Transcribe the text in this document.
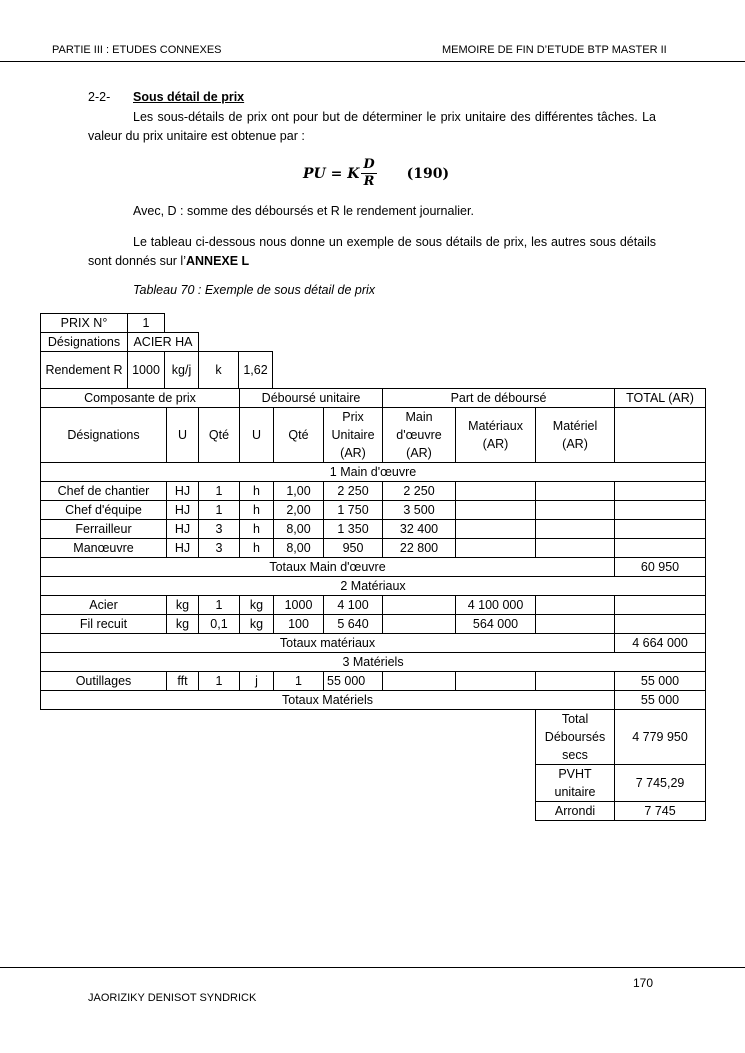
PARTIE III : ETUDES CONNEXES	MEMOIRE DE FIN D’ETUDE BTP MASTER II
2-2- Sous détail de prix
Les sous-détails de prix ont pour but de déterminer le prix unitaire des différentes tâches. La valeur du prix unitaire est obtenue par :
PU = K $\frac{D}{R} (190)$
Avec, D : somme des déboursés et R le rendement journalier.
Le tableau ci-dessous nous donne un exemple de sous détails de prix, les autres sous détails sont donnés sur l’ANNEXE L
Tableau 70 : Exemple de sous détail de prix
PRIX N°	1			
Désignations	ACIER HA			
Rendement R	1000	kg/j	k	1,62
Composante de prix			Déboursé unitaire			Part de déboursé			TOTAL (AR)
Désignations	U	Qté	U	Qté	Prix Unitaire (AR)	Main d'œuvre (AR)	Matériaux (AR)	Matériel (AR)	
1 Main d'œuvre									
Chef de chantier	HJ	1	h	1,00	2 250	2 250			
Chef d'équipe	HJ	1	h	2,00	1 750	3 500			
Ferrailleur	HJ	3	h	8,00	1 350	32 400			
Manœuvre	HJ	3	h	8,00	950	22 800			
Totaux Main d'œuvre									60 950
2 Matériaux									
Acier	kg	1	kg	1000	4 100		4 100 000		
Fil recuit	kg	0,1	kg	100	5 640		564 000		
Totaux matériaux									4 664 000
3 Matériels									
Outillages	fft	1	j	1	55 000				55 000
Totaux Matériels									55 000
								Total Déboursés secs	4 779 950
								PVHT unitaire	7 745,29
								Arrondi	7 745
170
JAORIZIKY DENISOT SYNDRICK
